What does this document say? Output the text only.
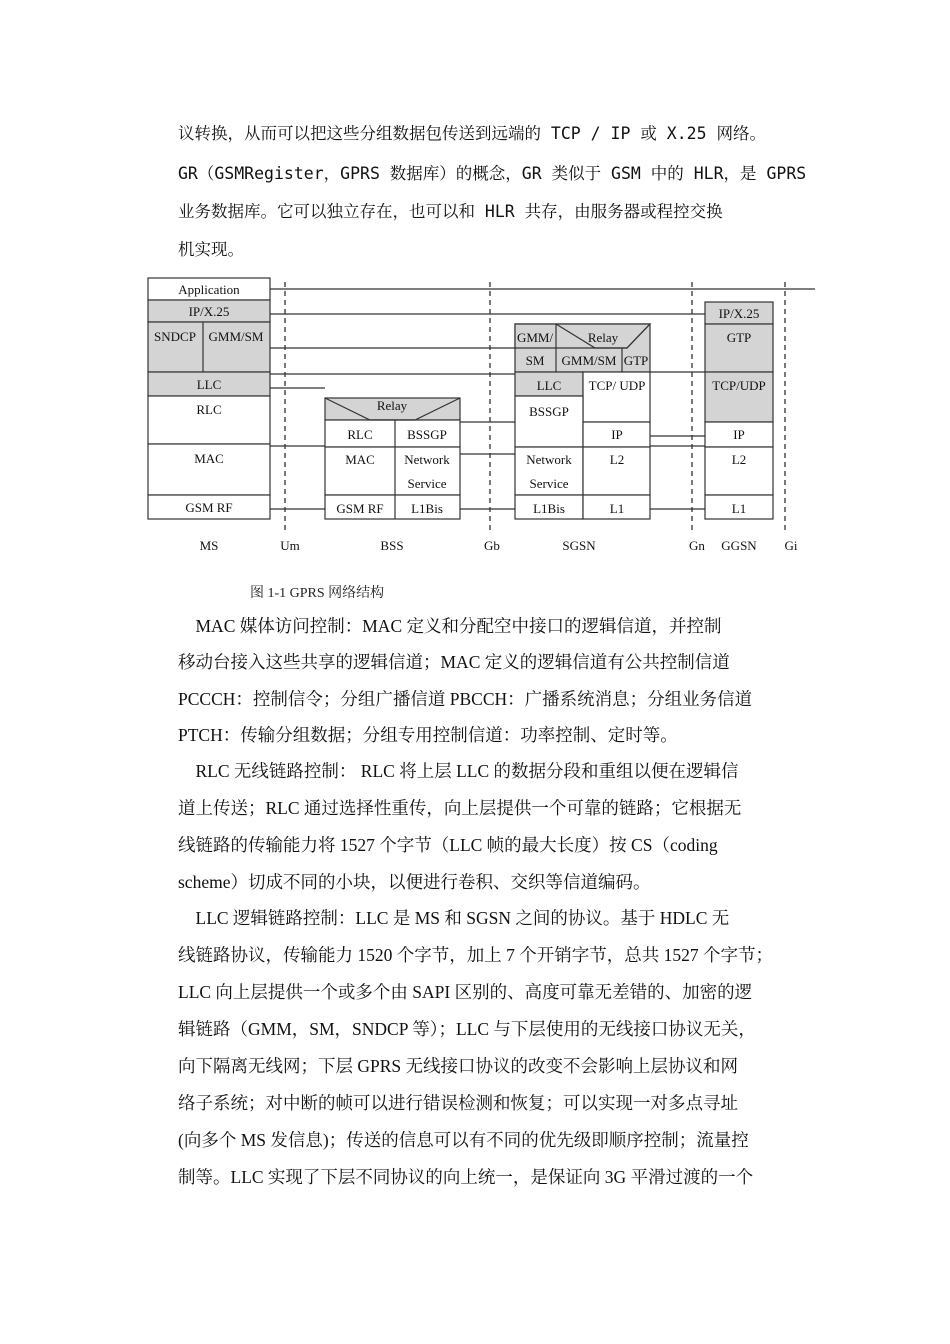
议转换，从而可以把这些分组数据包传送到远端的 TCP / IP 或 X.25 网络。
GR（GSMRegister，GPRS 数据库）的概念，GR 类似于 GSM 中的 HLR，是 GPRS
业务数据库。它可以独立存在，也可以和 HLR 共存，由服务器或程控交换
机实现。
Application
IP/X.25
SNDCP GMM/SM
LLC
RLC
MAC
GSM RF
Relay
RLC	BSSGP
MAC Network
Service
GSM RF L1Bis
GMM/	Relay
SM GMM/SM GTP
LLC TCP/ UDP
BSSGP
IP
Network
Service
L2
L1Bis	L1
IP/X.25
GTP
TCP/UDP
IP
L2
L1
MS	Um	BSS	Gb	SGSN	Gn GGSN Gi
图 1-1 GPRS 网络结构
　MAC 媒体访问控制：MAC 定义和分配空中接口的逻辑信道，并控制
移动台接入这些共享的逻辑信道；MAC 定义的逻辑信道有公共控制信道
PCCCH：控制信令；分组广播信道 PBCCH：广播系统消息；分组业务信道
PTCH：传输分组数据；分组专用控制信道：功率控制、定时等。
　RLC 无线链路控制： RLC 将上层 LLC 的数据分段和重组以便在逻辑信
道上传送；RLC 通过选择性重传，向上层提供一个可靠的链路；它根据无
线链路的传输能力将 1527 个字节（LLC 帧的最大长度）按 CS（coding
scheme）切成不同的小块，以便进行卷积、交织等信道编码。
　LLC 逻辑链路控制：LLC 是 MS 和 SGSN 之间的协议。基于 HDLC 无
线链路协议，传输能力 1520 个字节，加上 7 个开销字节，总共 1527 个字节；
LLC 向上层提供一个或多个由 SAPI 区别的、高度可靠无差错的、加密的逻
辑链路（GMM，SM，SNDCP 等）；LLC 与下层使用的无线接口协议无关，
向下隔离无线网；下层 GPRS 无线接口协议的改变不会影响上层协议和网
络子系统；对中断的帧可以进行错误检测和恢复；可以实现一对多点寻址
(向多个 MS 发信息)；传送的信息可以有不同的优先级即顺序控制；流量控
制等。LLC 实现了下层不同协议的向上统一，是保证向 3G 平滑过渡的一个
